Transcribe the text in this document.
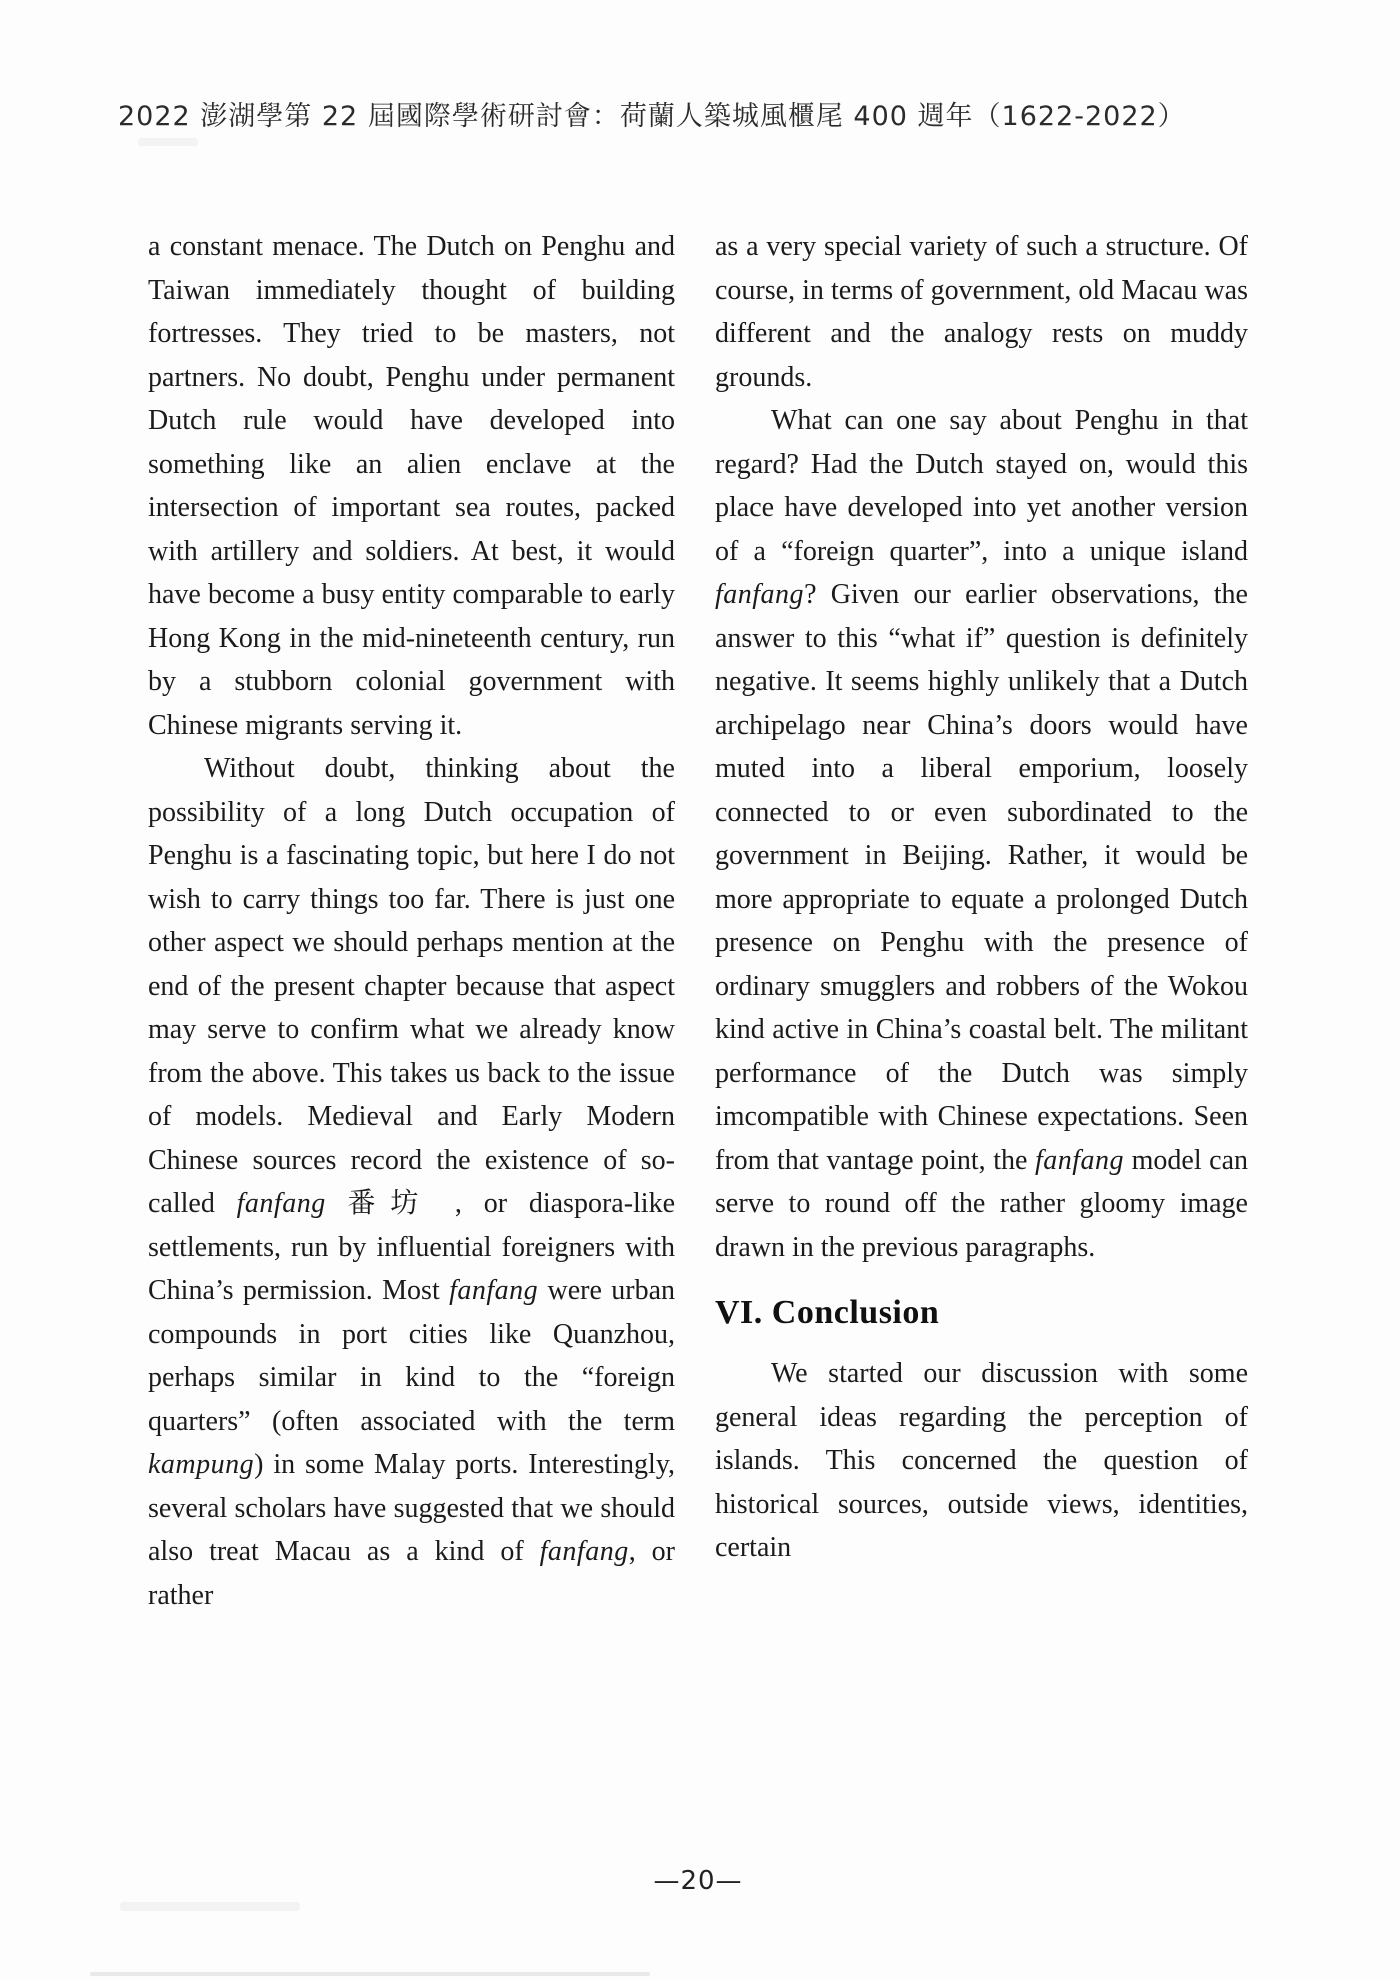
2022 澎湖學第 22 屆國際學術研討會：荷蘭人築城風櫃尾 400 週年（1622-2022）

a constant menace. The Dutch on Penghu and Taiwan immediately thought of building fortresses. They tried to be masters, not partners. No doubt, Penghu under permanent Dutch rule would have developed into something like an alien enclave at the intersection of important sea routes, packed with artillery and soldiers. At best, it would have become a busy entity comparable to early Hong Kong in the mid-nineteenth century, run by a stubborn colonial government with Chinese migrants serving it.

Without doubt, thinking about the possibility of a long Dutch occupation of Penghu is a fascinating topic, but here I do not wish to carry things too far. There is just one other aspect we should perhaps mention at the end of the present chapter because that aspect may serve to confirm what we already know from the above. This takes us back to the issue of models. Medieval and Early Modern Chinese sources record the existence of so-called fanfang 番坊 , or diaspora-like settlements, run by influential foreigners with China’s permission. Most fanfang were urban compounds in port cities like Quanzhou, perhaps similar in kind to the “foreign quarters” (often associated with the term kampung) in some Malay ports. Interestingly, several scholars have suggested that we should also treat Macau as a kind of fanfang, or rather

as a very special variety of such a structure. Of course, in terms of government, old Macau was different and the analogy rests on muddy grounds.

What can one say about Penghu in that regard? Had the Dutch stayed on, would this place have developed into yet another version of a “foreign quarter”, into a unique island fanfang? Given our earlier observations, the answer to this “what if” question is definitely negative. It seems highly unlikely that a Dutch archipelago near China’s doors would have muted into a liberal emporium, loosely connected to or even subordinated to the government in Beijing. Rather, it would be more appropriate to equate a prolonged Dutch presence on Penghu with the presence of ordinary smugglers and robbers of the Wokou kind active in China’s coastal belt. The militant performance of the Dutch was simply imcompatible with Chinese expectations. Seen from that vantage point, the fanfang model can serve to round off the rather gloomy image drawn in the previous paragraphs.

VI. Conclusion

We started our discussion with some general ideas regarding the perception of islands. This concerned the question of historical sources, outside views, identities, certain

—20—
